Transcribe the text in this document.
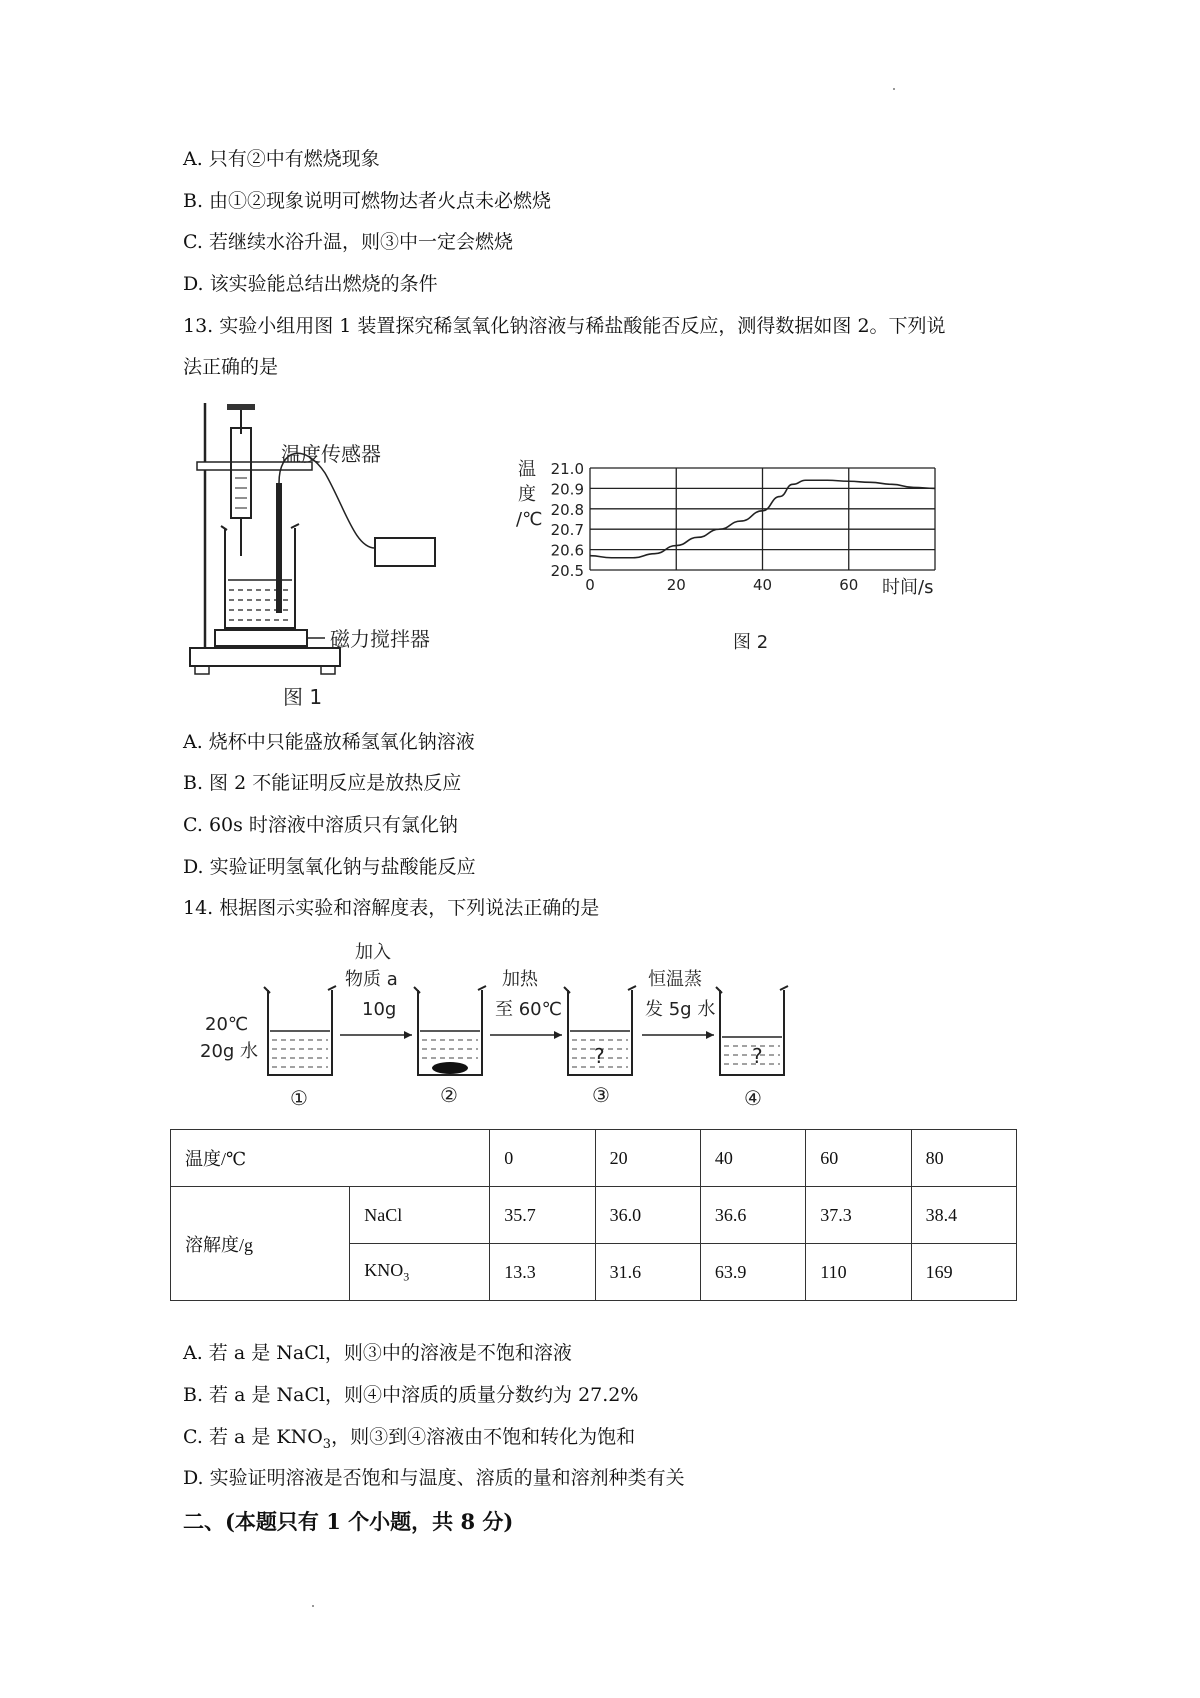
A. 只有②中有燃烧现象
B. 由①②现象说明可燃物达者火点未必燃烧
C. 若继续水浴升温，则③中一定会燃烧
D. 该实验能总结出燃烧的条件
13. 实验小组用图 1 装置探究稀氢氧化钠溶液与稀盐酸能否反应，测得数据如图 2。下列说
法正确的是
温度传感器
磁力搅拌器
图 1
温
度
/℃
时间/s
图 2
20.5
20.6
20.7
20.8
20.9
21.0
0	20	40	60
A. 烧杯中只能盛放稀氢氧化钠溶液
B. 图 2 不能证明反应是放热反应
C. 60s 时溶液中溶质只有氯化钠
D. 实验证明氢氧化钠与盐酸能反应
14. 根据图示实验和溶解度表，下列说法正确的是
20℃
20g 水
加入
物质 a
10g
加热
至 60℃
?
恒温蒸
发 5g 水
?
①	②	③	④
温度/℃		0	20	40	60	80
溶解度/g	NaCl	35.7	36.0	36.6	37.3	38.4
	$KNO_3$	13.3	31.6	63.9	110	169
A. 若 a 是 NaCl，则③中的溶液是不饱和溶液
B. 若 a 是 NaCl，则④中溶质的质量分数约为 27.2%
C. 若 a 是 $KNO_3$，则③到④溶液由不饱和转化为饱和
D. 实验证明溶液是否饱和与温度、溶质的量和溶剂种类有关
二、(本题只有 1 个小题，共 8 分)
